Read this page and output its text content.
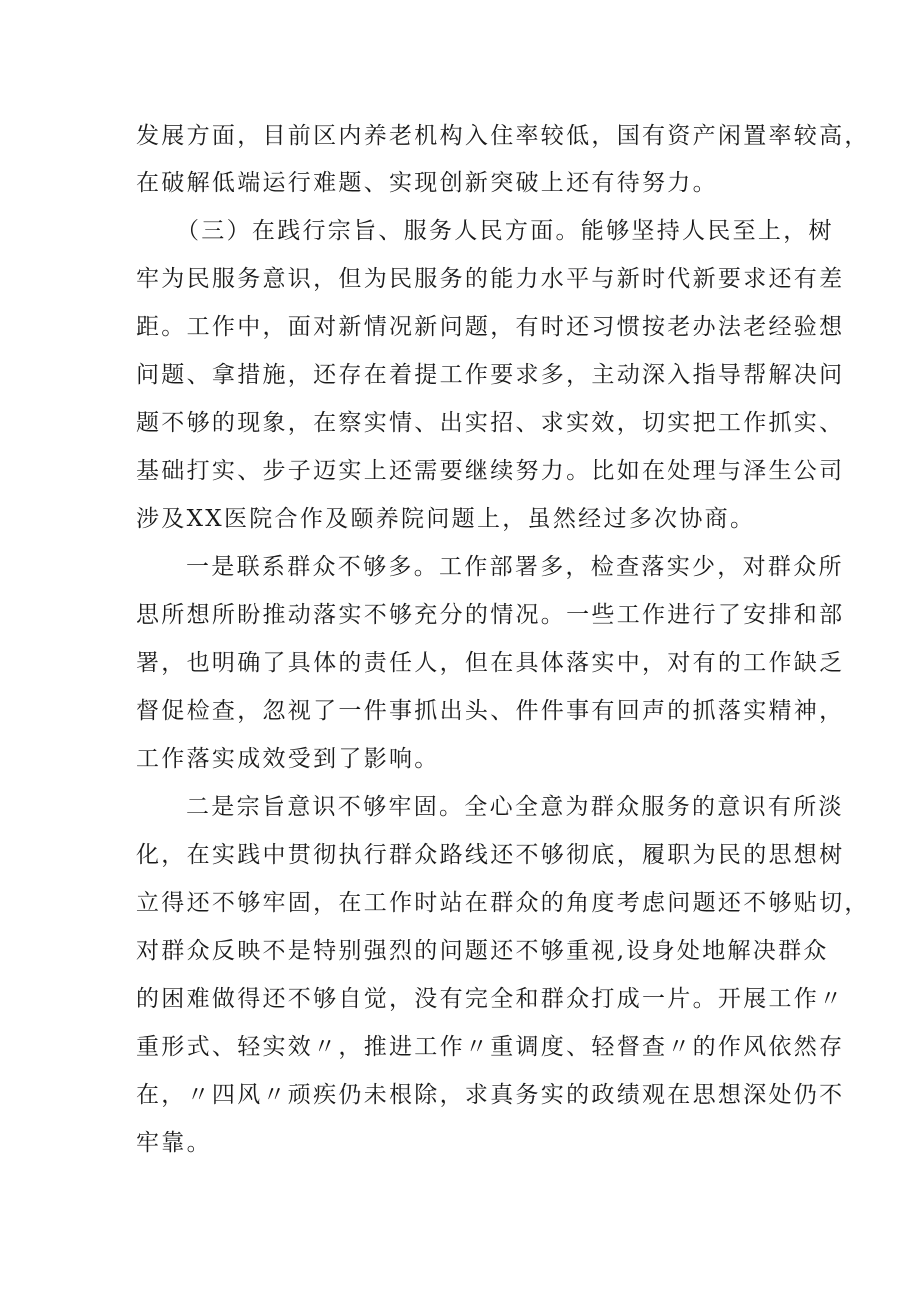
发展方面，目前区内养老机构入住率较低，国有资产闲置率较高，
在破解低端运行难题、实现创新突破上还有待努力。
（三）在践行宗旨、服务人民方面。能够坚持人民至上，树
牢为民服务意识，但为民服务的能力水平与新时代新要求还有差
距。工作中，面对新情况新问题，有时还习惯按老办法老经验想
问题、拿措施，还存在着提工作要求多，主动深入指导帮解决问
题不够的现象，在察实情、出实招、求实效，切实把工作抓实、
基础打实、步子迈实上还需要继续努力。比如在处理与泽生公司
涉及XX医院合作及颐养院问题上，虽然经过多次协商。
一是联系群众不够多。工作部署多，检查落实少，对群众所
思所想所盼推动落实不够充分的情况。一些工作进行了安排和部
署，也明确了具体的责任人，但在具体落实中，对有的工作缺乏
督促检查，忽视了一件事抓出头、件件事有回声的抓落实精神，
工作落实成效受到了影响。
二是宗旨意识不够牢固。全心全意为群众服务的意识有所淡
化，在实践中贯彻执行群众路线还不够彻底，履职为民的思想树
立得还不够牢固，在工作时站在群众的角度考虑问题还不够贴切，
对群众反映不是特别强烈的问题还不够重视,设身处地解决群众
的困难做得还不够自觉，没有完全和群众打成一片。开展工作〃
重形式、轻实效〃，推进工作〃重调度、轻督查〃的作风依然存
在，〃四风〃顽疾仍未根除，求真务实的政绩观在思想深处仍不
牢靠。
